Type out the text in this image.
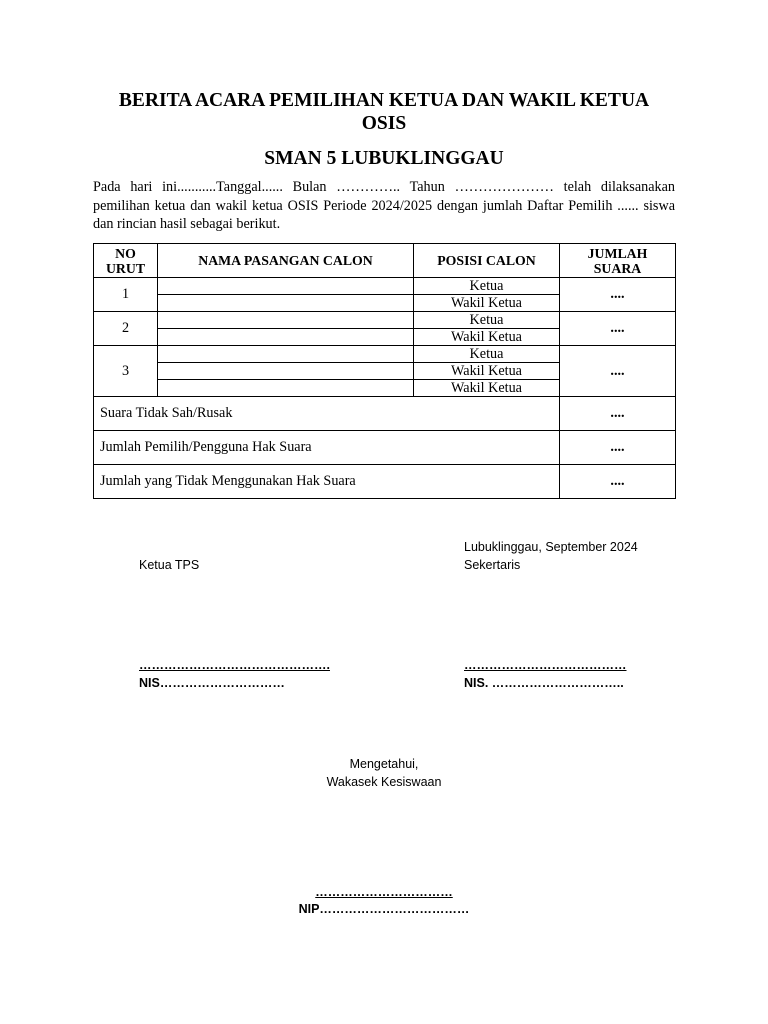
BERITA ACARA PEMILIHAN KETUA DAN WAKIL KETUA
OSIS
SMAN 5 LUBUKLINGGAU
Pada hari ini...........Tanggal...... Bulan ………….. Tahun ………………… telah dilaksanakan pemilihan ketua dan wakil ketua OSIS Periode 2024/2025 dengan jumlah Daftar Pemilih ...... siswa dan rincian hasil sebagai berikut.
NO URUT	NAMA PASANGAN CALON	POSISI CALON	JUMLAH SUARA
1		Ketua	....
		Wakil Ketua	
2		Ketua	....
		Wakil Ketua	
3		Ketua	....
		Wakil Ketua	
		Wakil Ketua	
Suara Tidak Sah/Rusak			....
Jumlah Pemilih/Pengguna Hak Suara			....
Jumlah yang Tidak Menggunakan Hak Suara			....
Lubuklinggau, September 2024
Ketua TPS	Sekertaris
……………………………………….
NIS…………………………
…………………………………
NIS. …………………………..
Mengetahui,
Wakasek Kesiswaan
……………………………
NIP………………………………
